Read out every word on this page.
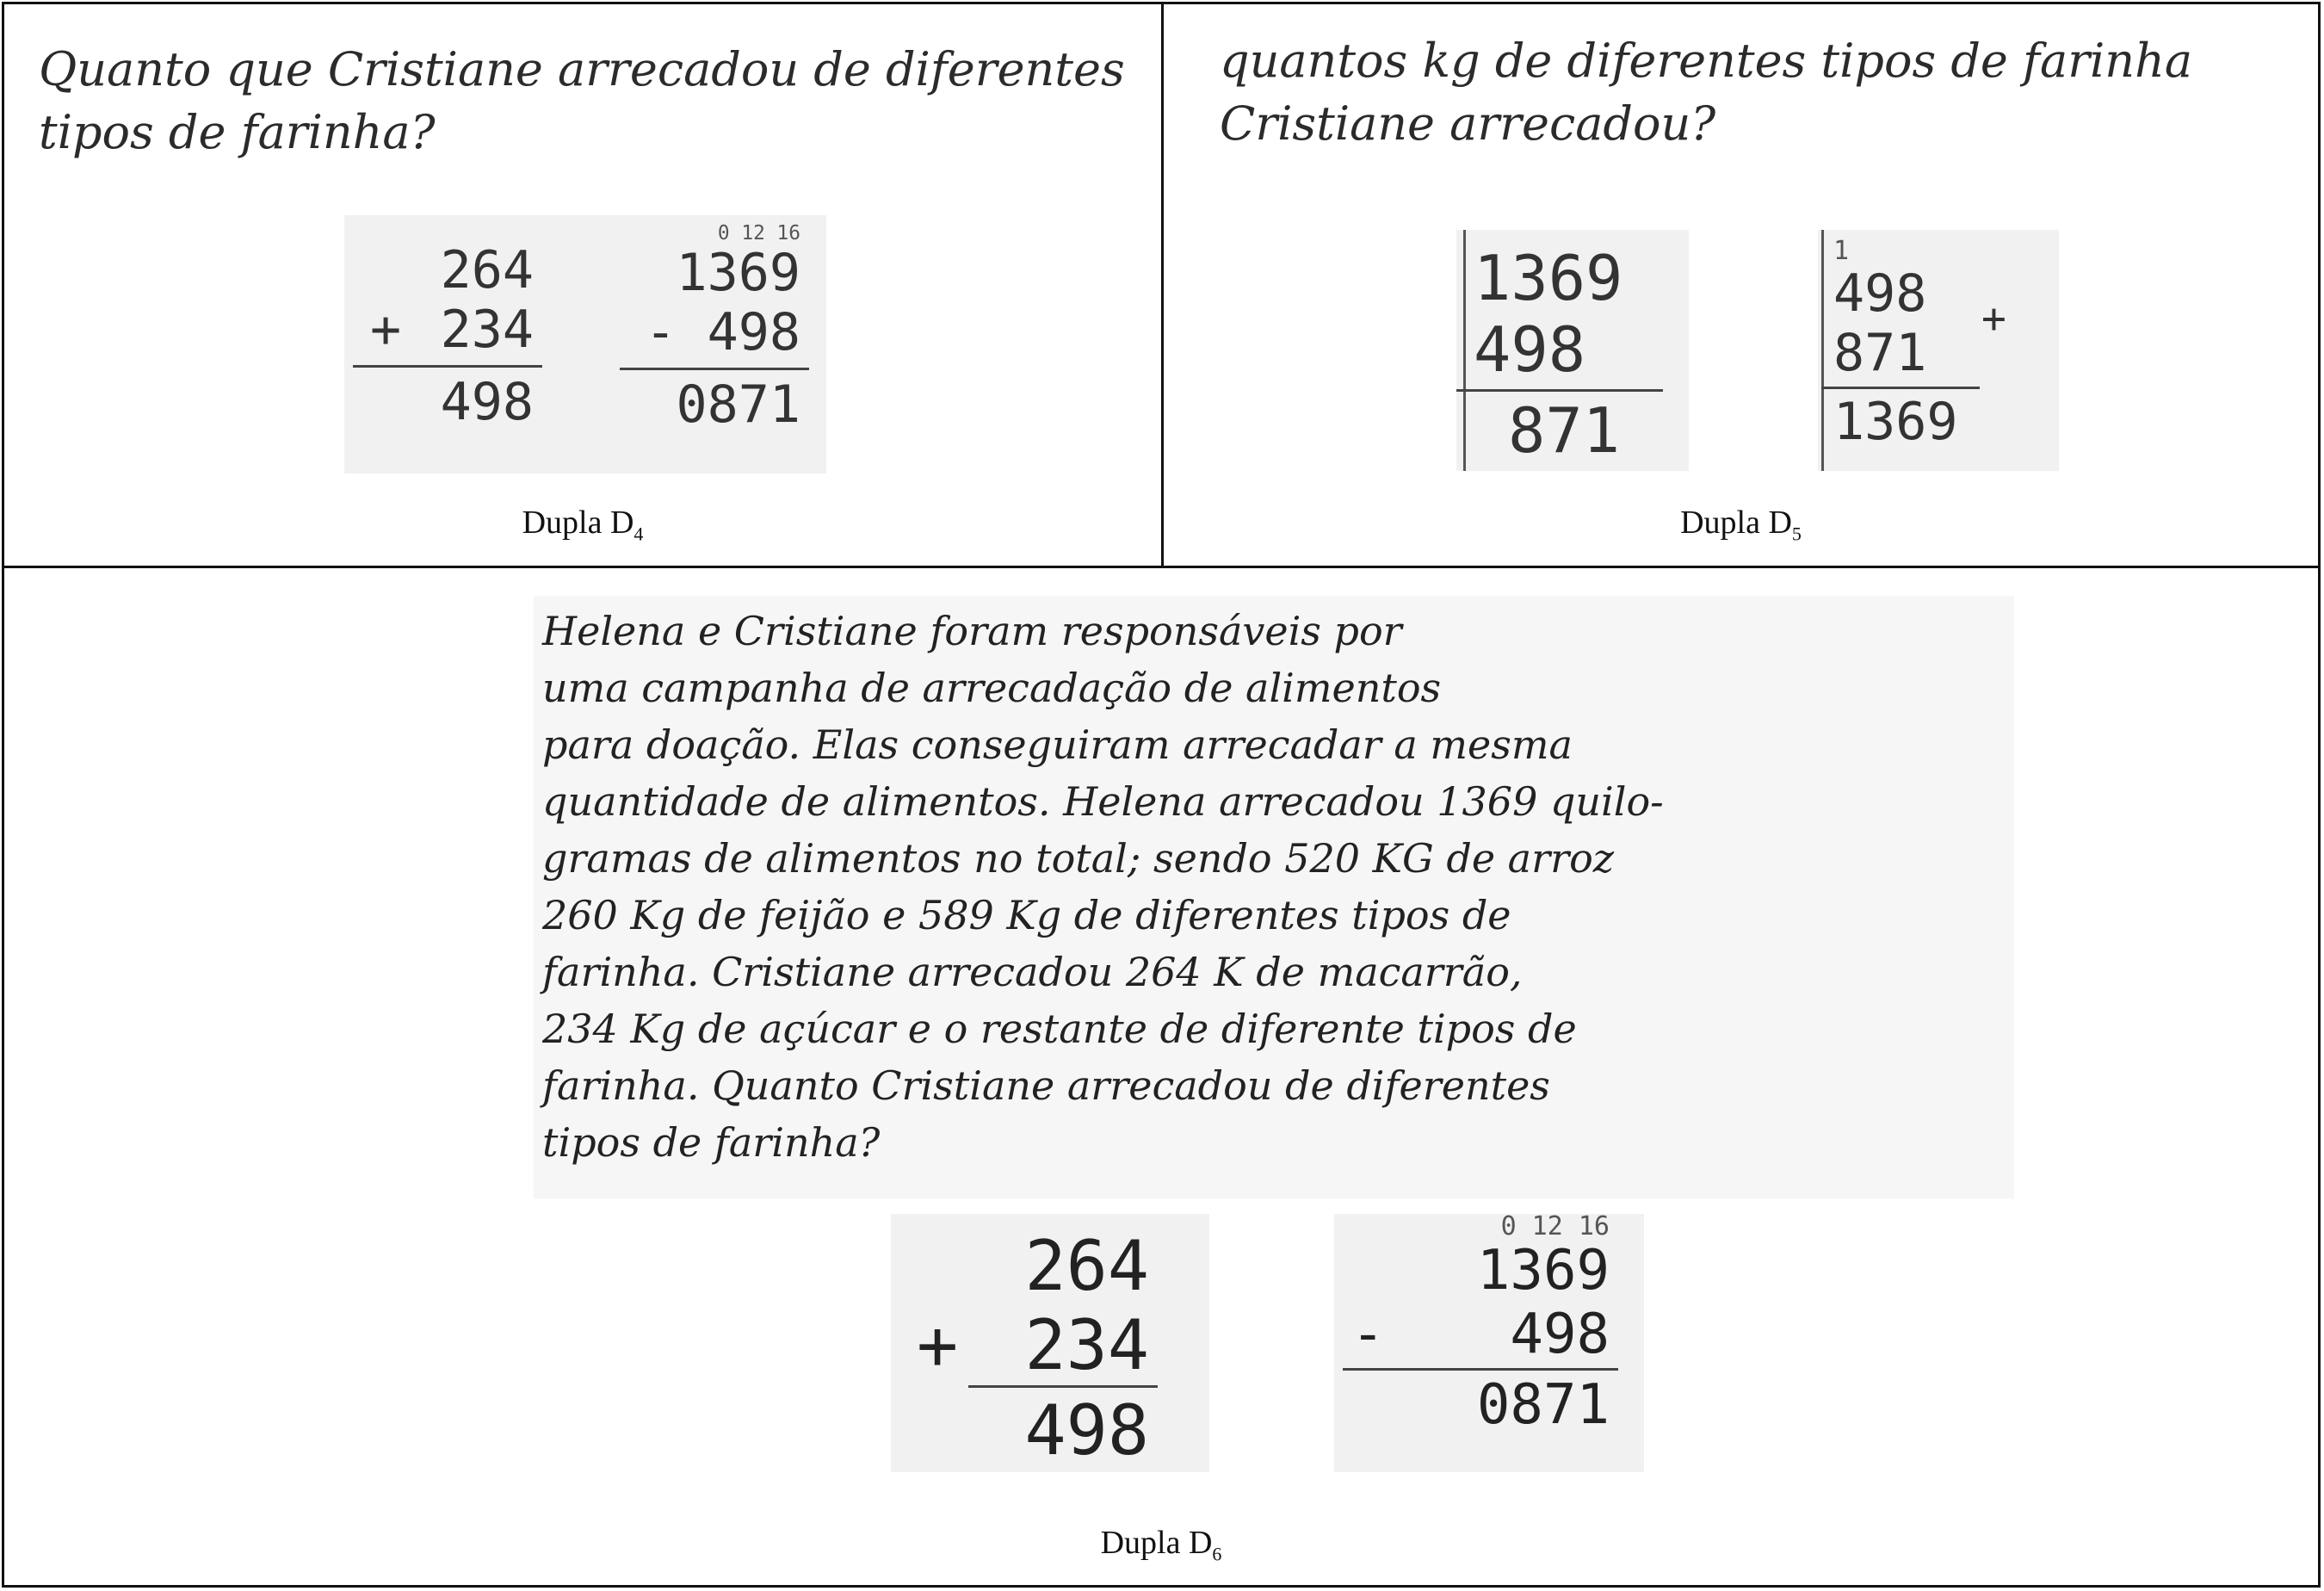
Quanto que Cristiane arrecadou de diferentes
tipos de farinha?
264
+ 234
498
0 12 16
1369
- 498
0871
Dupla $D_4$
quantos kg de diferentes tipos de farinha
Cristiane arrecadou?
1369
498
871
1
498
871
1369
+
Dupla $D_5$
Helena e Cristiane foram responsáveis por
uma campanha de arrecadação de alimentos
para doação. Elas conseguiram arrecadar a mesma
quantidade de alimentos. Helena arrecadou 1369 quilo-
gramas de alimentos no total; sendo 520 KG de arroz
260 Kg de feijão e 589 Kg de diferentes tipos de
farinha. Cristiane arrecadou 264 K de macarrão,
234 Kg de açúcar e o restante de diferente tipos de
farinha. Quanto Cristiane arrecadou de diferentes
tipos de farinha?
264
+ 234
498
0 12 16
1369
- 498
0871
Dupla $D_6$
